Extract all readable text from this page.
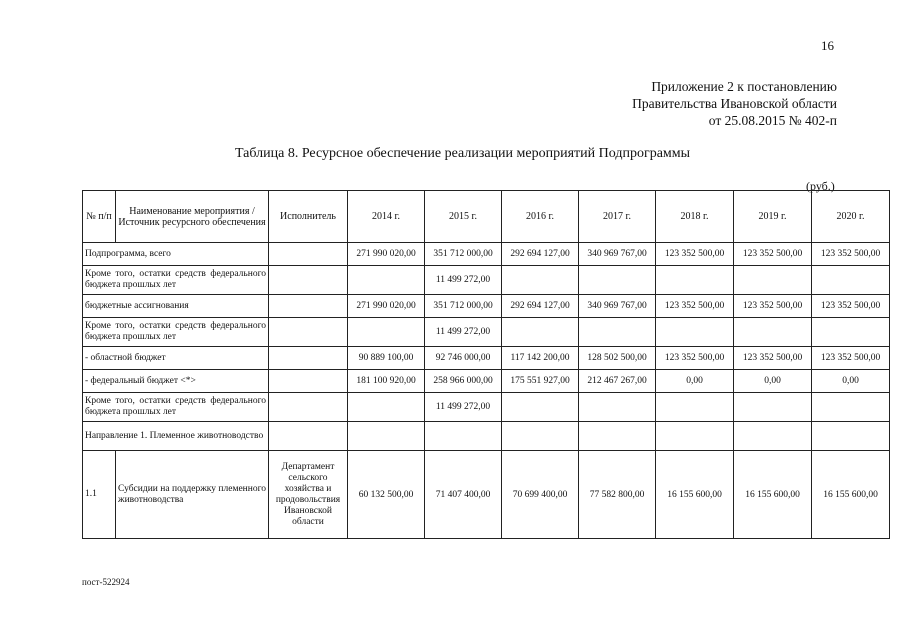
16
Приложение 2 к постановлению
Правительства Ивановской области
от 25.08.2015 № 402-п
Таблица 8. Ресурсное обеспечение реализации мероприятий Подпрограммы
(руб.)
№ п/п	Наименование мероприятия / Источник ресурсного обеспечения	Исполнитель	2014 г.	2015 г.	2016 г.	2017 г.	2018 г.	2019 г.	2020 г.
Подпрограмма, всего			271 990 020,00	351 712 000,00	292 694 127,00	340 969 767,00	123 352 500,00	123 352 500,00	123 352 500,00
Кроме того, остатки средств федерального бюджета прошлых лет				11 499 272,00					
бюджетные ассигнования			271 990 020,00	351 712 000,00	292 694 127,00	340 969 767,00	123 352 500,00	123 352 500,00	123 352 500,00
Кроме того, остатки средств федерального бюджета прошлых лет				11 499 272,00					
- областной бюджет			90 889 100,00	92 746 000,00	117 142 200,00	128 502 500,00	123 352 500,00	123 352 500,00	123 352 500,00
- федеральный бюджет <*>			181 100 920,00	258 966 000,00	175 551 927,00	212 467 267,00	0,00	0,00	0,00
Кроме того, остатки средств федерального бюджета прошлых лет				11 499 272,00					
Направление 1. Племенное животноводство									
1.1	Субсидии на поддержку племенного животноводства	Департамент сельского хозяйства и продовольствия Ивановской области	60 132 500,00	71 407 400,00	70 699 400,00	77 582 800,00	16 155 600,00	16 155 600,00	16 155 600,00
пост-522924
